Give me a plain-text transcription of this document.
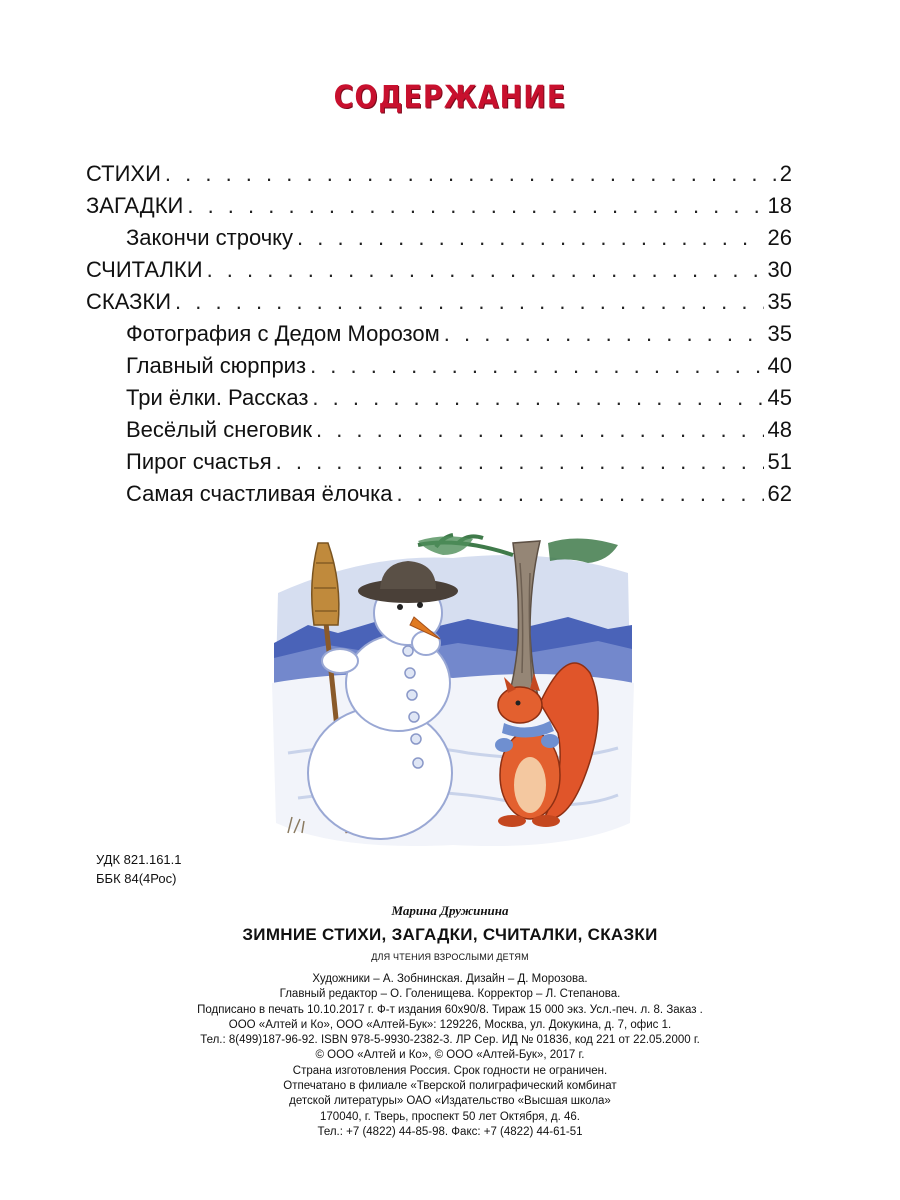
СОДЕРЖАНИЕ
СТИХИ . . .	2
ЗАГАДКИ . . .	18
Закончи строчку . . .	26
СЧИТАЛКИ . . .	30
СКАЗКИ . . .	35
Фотография с Дедом Морозом . . .	35
Главный сюрприз . . .	40
Три ёлки. Рассказ . . .	45
Весёлый снеговик . . .	48
Пирог счастья . . .	51
Самая счастливая ёлочка . . .	62
УДК 821.161.1
ББК 84(4Рос)
Марина Дружинина
ЗИМНИЕ СТИХИ, ЗАГАДКИ, СЧИТАЛКИ, СКАЗКИ
ДЛЯ ЧТЕНИЯ ВЗРОСЛЫМИ ДЕТЯМ
Художники – А. Зобнинская. Дизайн – Д. Морозова.
Главный редактор – О. Голенищева. Корректор – Л. Степанова.
Подписано в печать 10.10.2017 г. Ф-т издания 60х90/8. Тираж 15 000 экз. Усл.-печ. л. 8. Заказ .
ООО «Алтей и Ко», ООО «Алтей-Бук»: 129226, Москва, ул. Докукина, д. 7, офис 1.
Тел.: 8(499)187-96-92. ISBN 978-5-9930-2382-3. ЛР Сер. ИД № 01836, код 221 от 22.05.2000 г.
© ООО «Алтей и Ко», © ООО «Алтей-Бук», 2017 г.
Страна изготовления Россия. Срок годности не ограничен.
Отпечатано в филиале «Тверской полиграфический комбинат
детской литературы» ОАО «Издательство «Высшая школа»
170040, г. Тверь, проспект 50 лет Октября, д. 46.
Тел.: +7 (4822) 44-85-98. Факс: +7 (4822) 44-61-51
